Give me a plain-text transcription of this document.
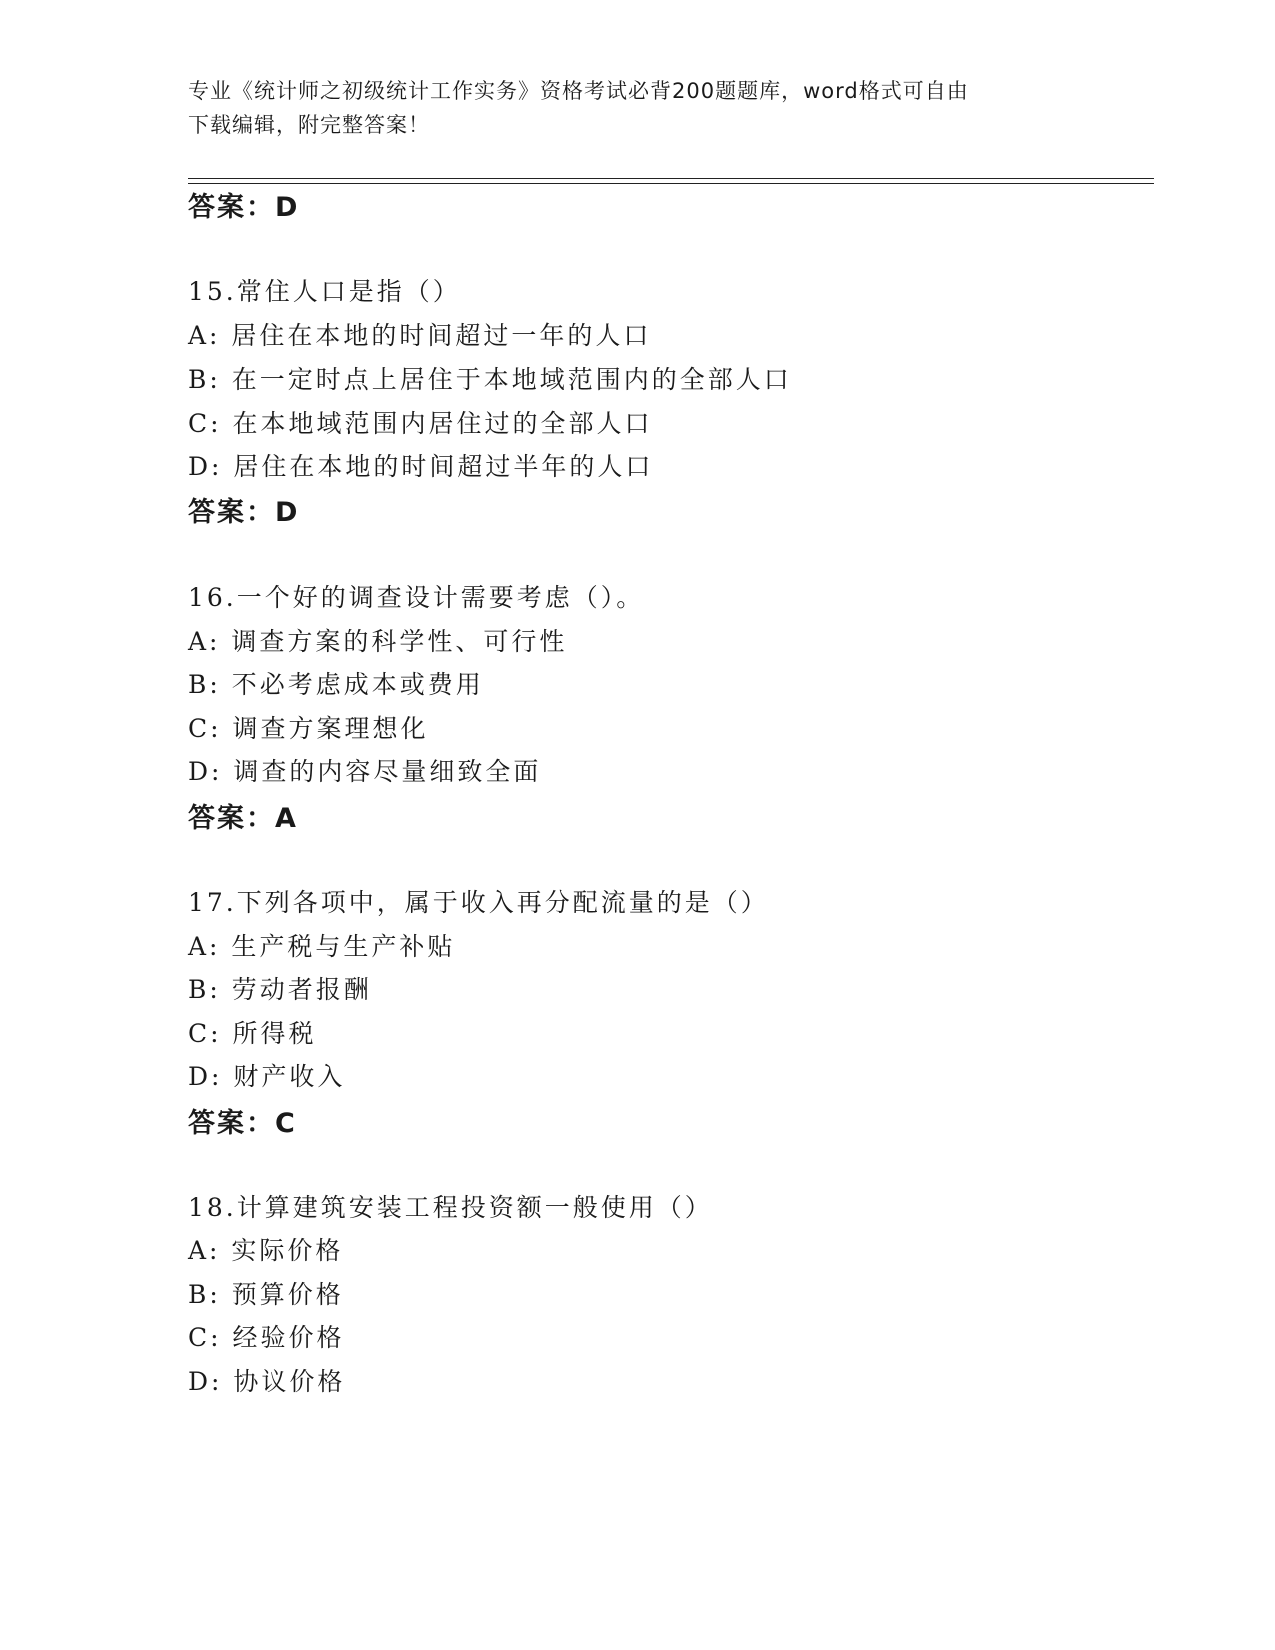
专业《统计师之初级统计工作实务》资格考试必背200题题库，word格式可自由
下载编辑，附完整答案！
答案：D
15.常住人口是指（）
A: 居住在本地的时间超过一年的人口
B: 在一定时点上居住于本地域范围内的全部人口
C: 在本地域范围内居住过的全部人口
D: 居住在本地的时间超过半年的人口
答案：D
16.一个好的调查设计需要考虑（）。
A: 调查方案的科学性、可行性
B: 不必考虑成本或费用
C: 调查方案理想化
D: 调查的内容尽量细致全面
答案：A
17.下列各项中，属于收入再分配流量的是（）
A: 生产税与生产补贴
B: 劳动者报酬
C: 所得税
D: 财产收入
答案：C
18.计算建筑安装工程投资额一般使用（）
A: 实际价格
B: 预算价格
C: 经验价格
D: 协议价格
